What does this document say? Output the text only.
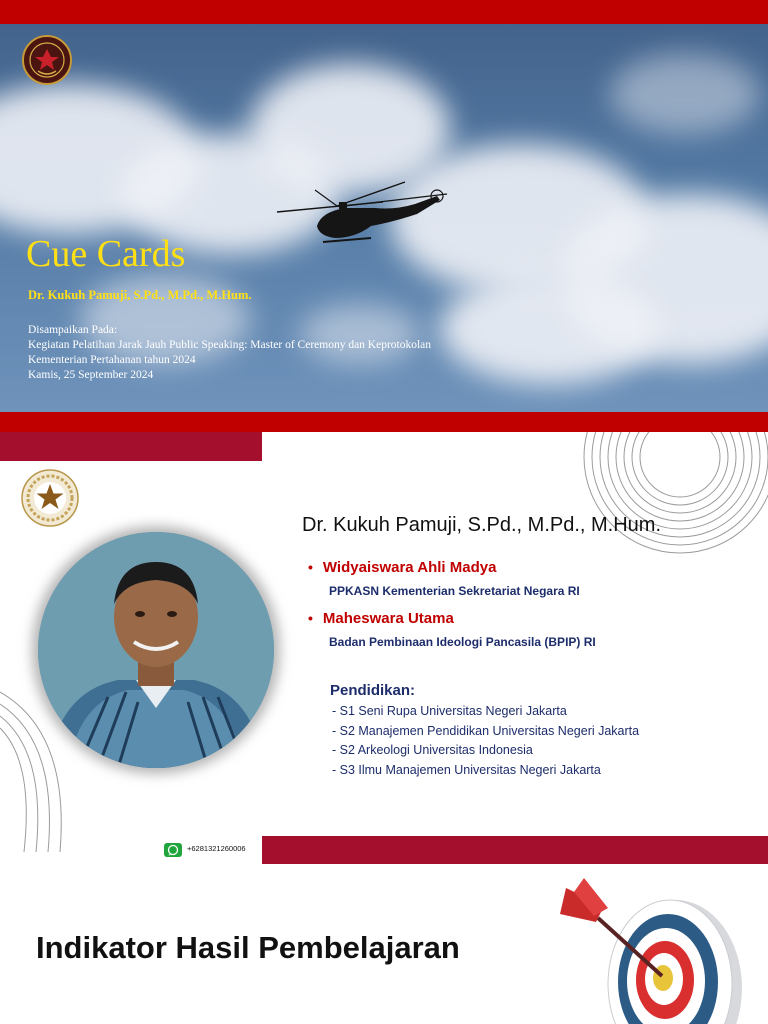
Cue Cards
Dr. Kukuh Pamuji, S.Pd., M.Pd., M.Hum.
Disampaikan Pada:
Kegiatan Pelatihan Jarak Jauh Public Speaking: Master of Ceremony dan Keprotokolan
Kementerian Pertahanan tahun 2024
Kamis, 25 September 2024
Dr. Kukuh Pamuji, S.Pd., M.Pd., M.Hum.
• Widyaiswara Ahli Madya
PPKASN Kementerian Sekretariat Negara RI
• Maheswara Utama
Badan Pembinaan Ideologi Pancasila (BPIP) RI
Pendidikan:
- S1 Seni Rupa Universitas Negeri Jakarta
- S2 Manajemen Pendidikan Universitas Negeri Jakarta
- S2 Arkeologi Universitas Indonesia
- S3 Ilmu Manajemen Universitas Negeri Jakarta
+6281321260006
Indikator Hasil Pembelajaran
